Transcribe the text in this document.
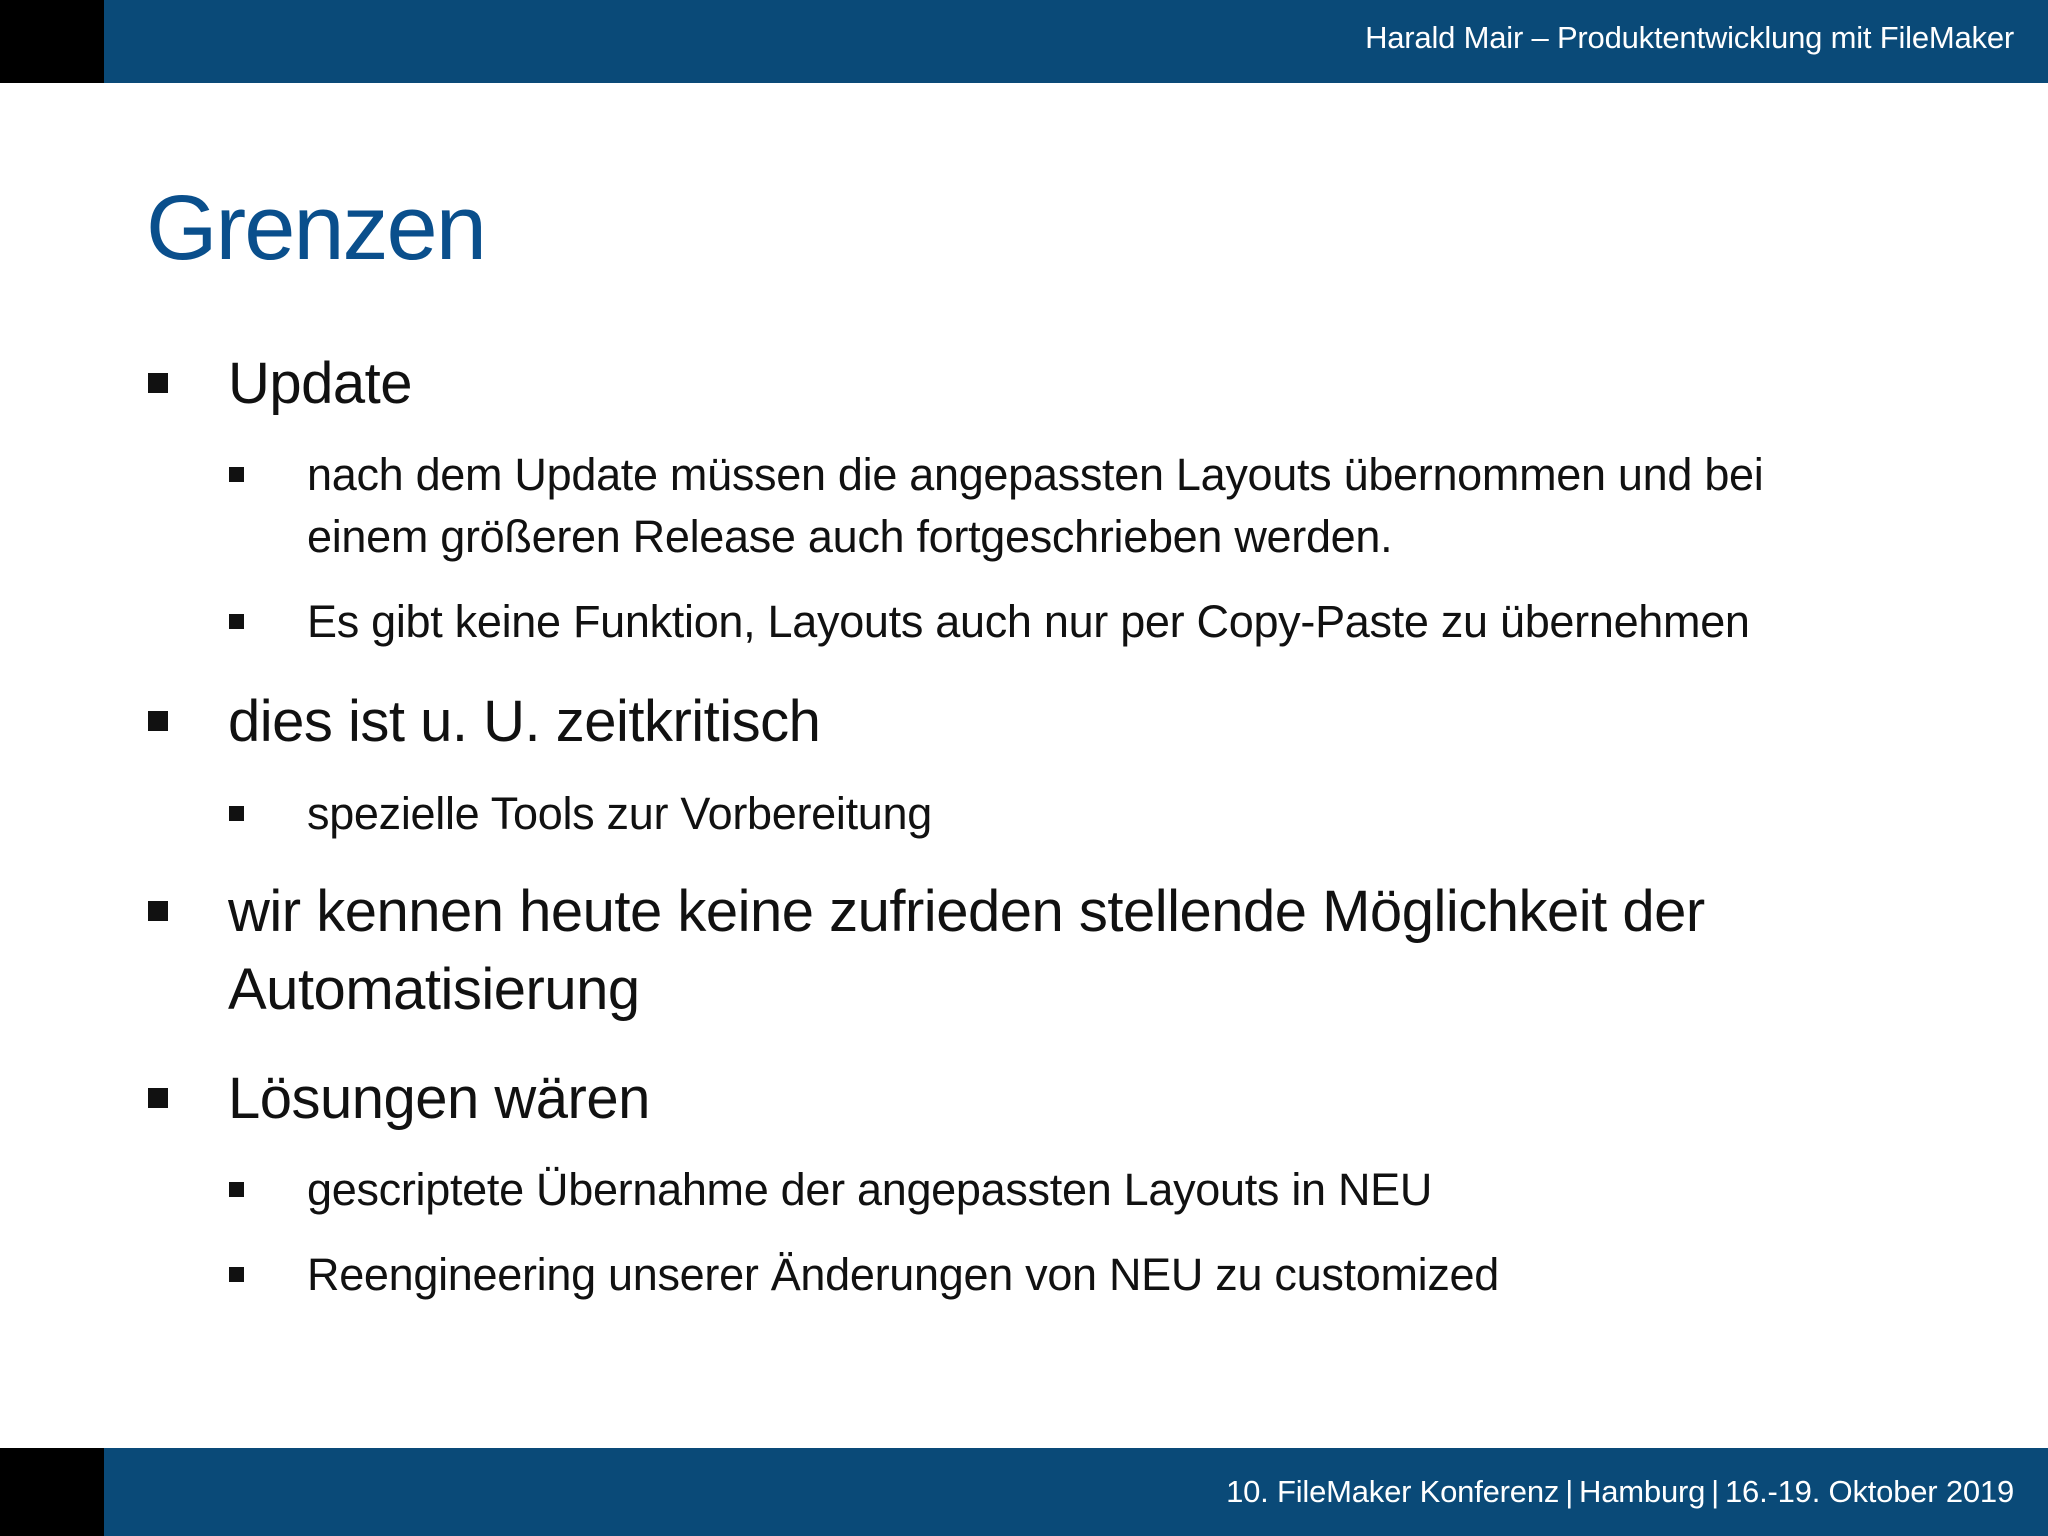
Harald Mair – Produktentwicklung mit FileMaker
Grenzen
Update
nach dem Update müssen die angepassten Layouts übernommen und bei
einem größeren Release auch fortgeschrieben werden.
Es gibt keine Funktion, Layouts auch nur per Copy-Paste zu übernehmen
dies ist u. U. zeitkritisch
spezielle Tools zur Vorbereitung
wir kennen heute keine zufrieden stellende Möglichkeit der
Automatisierung
Lösungen wären
gescriptete Übernahme der angepassten Layouts in NEU
Reengineering unserer Änderungen von NEU zu customized
10. FileMaker Konferenz | Hamburg | 16.-19. Oktober 2019
